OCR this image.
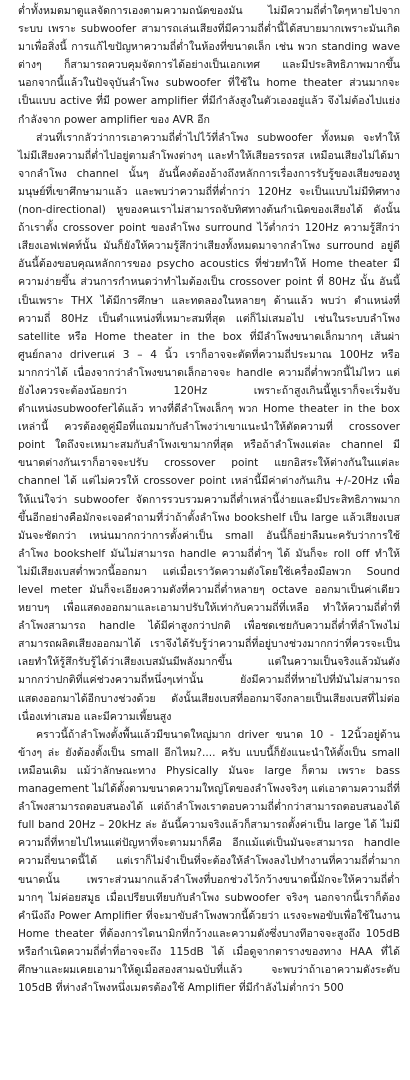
ต่ำทั้งหมดมาดูแลจัดการเองตามความถนัดของมัน ไม่มีความถี่ต่ำใดๆหายไปจากระบบ เพราะ subwoofer สามารถเล่นเสียงที่มีความถี่ต่ำนี้ได้สบายมากเพราะมันเกิดมาเพื่อสิ่งนี้ การแก้ไขปัญหาความถี่ต่ำในห้องที่ขนาดเล็ก เช่น พวก standing wave ต่างๆ ก็สามารถควบคุมจัดการได้อย่างเป็นเอกเทศ และมีประสิทธิภาพมากขึ้น นอกจากนี้แล้วในปัจจุบันลำโพง subwoofer ที่ใช้ใน home theater ส่วนมากจะเป็นแบบ active ที่มี power amplifier ที่มีกำลังสูงในตัวเองอยู่แล้ว จึงไม่ต้องไปแย่งกำลังจาก power amplifier ของ AVR อีก

ส่วนที่เรากลัวว่าการเอาความถี่ต่ำไปไว้ที่ลำโพง subwoofer ทั้งหมด จะทำให้ไม่มีเสียงความถี่ต่ำไปอยู่ตามลำโพงต่างๆ และทำให้เสียอรรถรส เหมือนเสียงไม่ได้มาจากลำโพง channel นั้นๆ อันนี้คงต้องอ้างถึงหลักการเรื่องการรับรู้ของเสียงของหูมนุษย์ที่เขาศึกษามาแล้ว และพบว่าความถี่ที่ต่ำกว่า 120Hz จะเป็นแบบไม่มีทิศทาง (non-directional) หูของคนเราไม่สามารถจับทิศทางต้นกำเนิดของเสียงได้ ดังนั้น ถ้าเราตั้ง crossover point ของลำโพง surround ไว้ต่ำกว่า 120Hz ความรู้สึกว่าเสียงเอฟเฟคท์นั้น มันก็ยังให้ความรู้สึกว่าเสียงทั้งหมดมาจากลำโพง surround อยู่ดี อันนี้ต้องขอบคุณหลักการของ psycho acoustics ที่ช่วยทำให้ Home theater มีความง่ายขึ้น ส่วนการกำหนดว่าทำไมต้องเป็น crossover point ที่ 80Hz นั้น อันนี้เป็นเพราะ THX ได้มีการศึกษา และทดลองในหลายๆ ด้านแล้ว พบว่า ตำแหน่งที่ความถี่ 80Hz เป็นตำแหน่งที่เหมาะสมที่สุด แต่ก็ไม่เสมอไป เช่นในระบบลำโพง satellite หรือ Home theater in the box ที่มีลำโพงขนาดเล็กมากๆ เส้นผ่าศูนย์กลาง driverแค่ 3 – 4 นิ้ว เราก็อาจจะตัดที่ความถี่ประมาณ 100Hz หรือมากกว่าได้ เนื่องจากว่าลำโพงขนาดเล็กอาจจะ handle ความถี่ต่ำพวกนี้ไม่ไหว แต่ยังไงควรจะต้องน้อยกว่า 120Hz เพราะถ้าสูงเกินนี้หูเราก็จะเริ่มจับตำแหน่งsubwooferได้แล้ว ทางที่ดีลำโพงเล็กๆ พวก Home theater in the box เหล่านี้ ควรต้องดูคู่มือที่แถมมากับลำโพงว่าเขาแนะนำให้ตัดความที่ crossover point ใดถึงจะเหมาะสมกับลำโพงเขามากที่สุด หรือถ้าลำโพงแต่ละ channel มีขนาดต่างกันเราก็อาจจะปรับ crossover point แยกอิสระให้ต่างกันในแต่ละ channel ได้ แต่ไม่ควรให้ crossover point เหล่านี้มีค่าต่างกันเกิน +/-20Hz เพื่อให้แน่ใจว่า subwoofer จัดการรวบรวมความถี่ต่ำเหล่านี้ง่ายและมีประสิทธิภาพมากขึ้นอีกอย่างคือมักจะเจอคำถามที่ว่าถ้าตั้งลำโพง bookshelf เป็น large แล้วเสียงเบสมันจะชัดกว่า เหน่นมากกว่าการตั้งค่าเป็น small อันนี้ก็อย่าลืมนะครับว่าการใช้ลำโพง bookshelf มันไม่สามารถ handle ความถี่ต่ำๆ ได้ มันก็จะ roll off ทำให้ไม่มีเสียงเบสต่ำพวกนี้ออกมา แต่เมื่อเราวัดความดังโดยใช้เครื่องมือพวก Sound level meter มันก็จะเอียงความดังที่ความถี่ต่ำหลายๆ octave ออกมาเป็นค่าเดียวหยาบๆ เพื่อแสดงออกมาและเอามาปรับให้เท่ากับความถี่ที่เหลือ ทำให้ความถี่ต่ำที่ลำโพงสามารถ handle ได้มีค่าสูงกว่าปกติ เพื่อชดเชยกับความถี่ต่ำที่ลำโพงไม่สามารถผลิตเสียงออกมาได้ เราจึงได้รับรู้ว่าความถี่ที่อยู่บางช่วงมากกว่าที่ควรจะเป็น เลยทำให้รู้สึกรับรู้ได้ว่าเสียงเบสมันมีพลังมากขึ้น แต่ในความเป็นจริงแล้วมันดังมากกว่าปกติที่แค่ช่วงความถี่หนึ่งๆเท่านั้น ยังมีความถี่ที่หายไปที่มันไม่สามารถแสดงออกมาได้อีกบางช่วงด้วย ดังนั้นเสียงเบสที่ออกมาจึงกลายเป็นเสียงเบสที่ไม่ต่อเนื่องเท่าเสมอ และมีความเพี้ยนสูง

คราวนี้ถ้าลำโพงตั้งพื้นแล้วมีขนาดใหญ่มาก driver ขนาด 10 - 12นิ้วอยู่ด้านข้างๆ ล่ะ ยังต้องตั้งเป็น small อีกไหม?.... ครับ แบบนี้ก็ยังแนะนำให้ตั้งเป็น small เหมือนเดิม แม้ว่าลักษณะทาง Physically มันจะ large ก็ตาม เพราะ bass management ไม่ได้ตั้งตามขนาดความใหญ่โตของลำโพงจริงๆ แต่เอาตามความถี่ที่ลำโพงสามารถตอบสนองได้ แต่ถ้าลำโพงเราตอบความถี่ต่ำกว่าสามารถตอบสนองได้ full band 20Hz – 20kHz ล่ะ อันนี้ความจริงแล้วก็สามารถตั้งค่าเป็น large ได้ ไม่มีความถี่ที่หายไปไหนแต่ปัญหาที่จะตามมาก็คือ อีกแม้แต่เป็นมันจะสามารถ handle ความถี่ขนาดนี้ได้ แต่เราก็ไม่จำเป็นที่จะต้องให้ลำโพงลงไปทำงานที่ความถี่ต่ำมากขนาดนั้น เพราะส่วนมากแล้วลำโพงที่บอกช่วงไว้กว้างขนาดนี้มักจะให้ความถี่ต่ำมากๆ ไม่ค่อยสมูธ เมื่อเปรียบเทียบกับลำโพง subwoofer จริงๆ นอกจากนี้เราก็ต้องคำนึงถึง Power Amplifier ที่จะมาขับลำโพงพวกนี้ด้วยว่า แรงจะพอขับเพื่อใช้ในงาน Home theater ที่ต้องการไดนามิกที่กว้างและความดังซึ่งบางทีอาจจะสูงถึง 105dB หรือกำเนิดความถี่ต่ำที่อาจจะถึง 115dB ได้ เมื่อดูจากตารางของทาง HAA ที่ได้ศึกษาและผมเคยเอามาให้ดูเมื่อสองสามฉบับที่แล้ว จะพบว่าถ้าเอาความดังระดับ 105dB ที่ห่างลำโพงหนึ่งเมตรต้องใช้ Amplifier ที่มีกำลังไม่ต่ำกว่า 500
